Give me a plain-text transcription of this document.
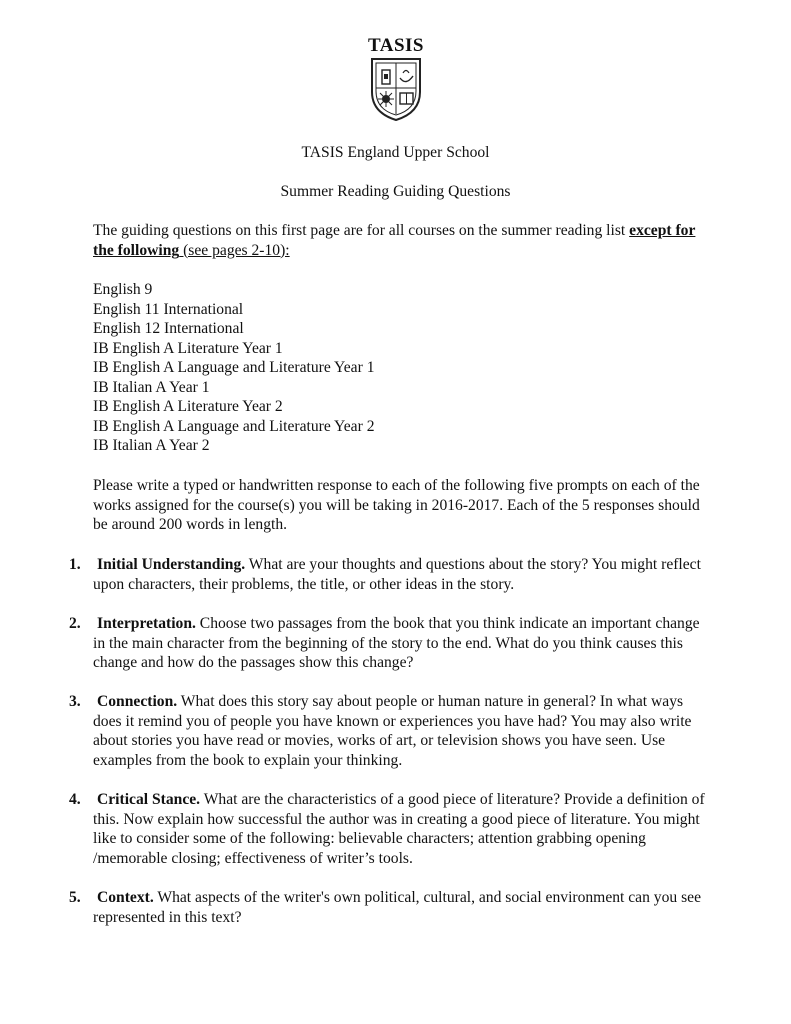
TASIS
TASIS England Upper School
Summer Reading Guiding Questions
The guiding questions on this first page are for all courses on the summer reading list except for the following (see pages 2-10):
English 9
English 11 International
English 12 International
IB English A Literature Year 1
IB English A Language and Literature Year 1
IB Italian A Year 1
IB English A Literature Year 2
IB English A Language and Literature Year 2
IB Italian A Year 2
Please write a typed or handwritten response to each of the following five prompts on each of the works assigned for the course(s) you will be taking in 2016-2017. Each of the 5 responses should be around 200 words in length.
1. Initial Understanding. What are your thoughts and questions about the story? You might reflect upon characters, their problems, the title, or other ideas in the story.
2. Interpretation. Choose two passages from the book that you think indicate an important change in the main character from the beginning of the story to the end. What do you think causes this change and how do the passages show this change?
3. Connection. What does this story say about people or human nature in general? In what ways does it remind you of people you have known or experiences you have had? You may also write about stories you have read or movies, works of art, or television shows you have seen. Use examples from the book to explain your thinking.
4. Critical Stance. What are the characteristics of a good piece of literature? Provide a definition of this. Now explain how successful the author was in creating a good piece of literature. You might like to consider some of the following: believable characters; attention grabbing opening /memorable closing; effectiveness of writer’s tools.
5. Context. What aspects of the writer's own political, cultural, and social environment can you see represented in this text?
